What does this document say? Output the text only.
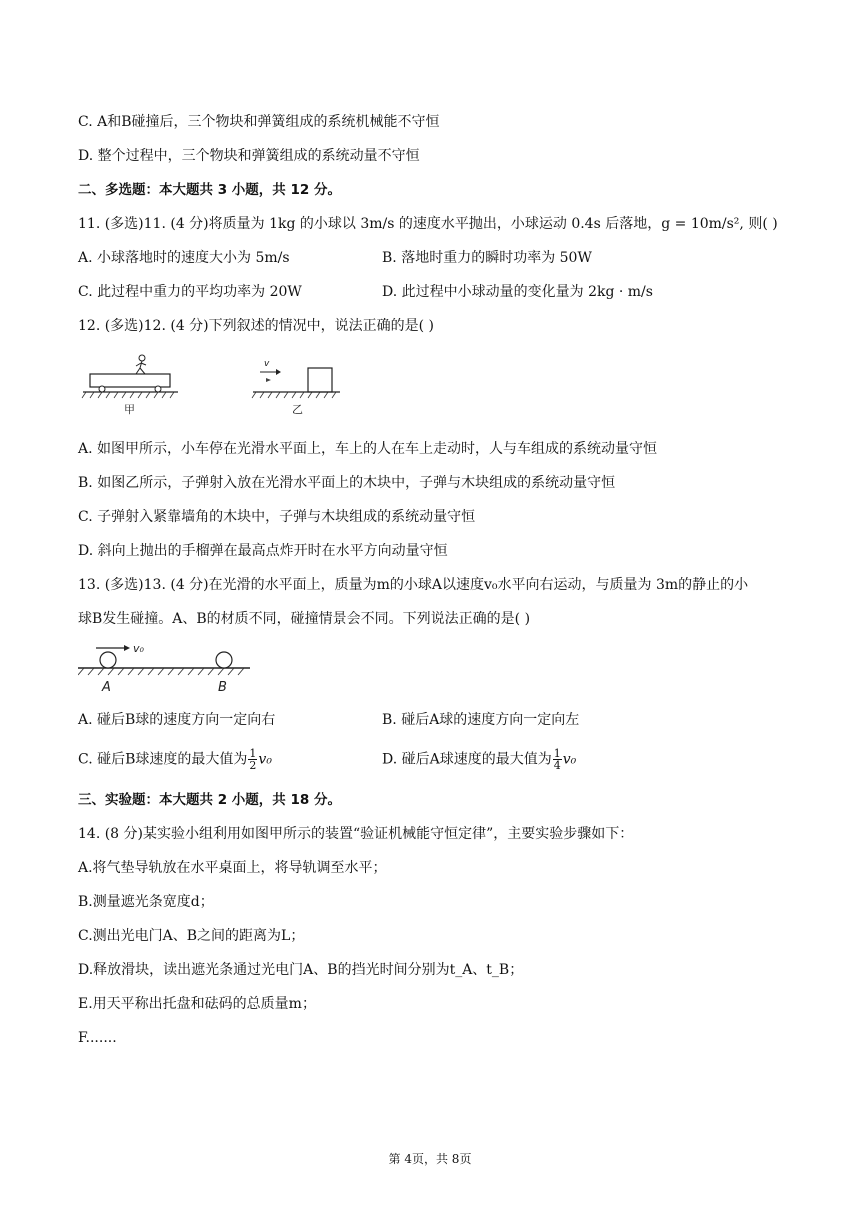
C. A和B碰撞后，三个物块和弹簧组成的系统机械能不守恒
D. 整个过程中，三个物块和弹簧组成的系统动量不守恒
二、多选题：本大题共 3 小题，共 12 分。
11. (多选)11. (4 分)将质量为 1kg 的小球以 3m/s 的速度水平抛出，小球运动 0.4s 后落地，g = 10m/s², 则( )
A. 小球落地时的速度大小为 5m/s	B. 落地时重力的瞬时功率为 50W
C. 此过程中重力的平均功率为 20W	D. 此过程中小球动量的变化量为 2kg · m/s
12. (多选)12. (4 分)下列叙述的情况中，说法正确的是( )
甲
v
乙
A. 如图甲所示，小车停在光滑水平面上，车上的人在车上走动时，人与车组成的系统动量守恒
B. 如图乙所示，子弹射入放在光滑水平面上的木块中，子弹与木块组成的系统动量守恒
C. 子弹射入紧靠墙角的木块中，子弹与木块组成的系统动量守恒
D. 斜向上抛出的手榴弹在最高点炸开时在水平方向动量守恒
13. (多选)13. (4 分)在光滑的水平面上，质量为m的小球A以速度v₀水平向右运动，与质量为 3m的静止的小
球B发生碰撞。A、B的材质不同，碰撞情景会不同。下列说法正确的是( )
v₀
A	B
A. 碰后B球的速度方向一定向右	B. 碰后A球的速度方向一定向左
C. 碰后B球速度的最大值为 $\frac{1}{2} v_0$	D. 碰后A球速度的最大值为 $\frac{1}{4} v_0$
三、实验题：本大题共 2 小题，共 18 分。
14. (8 分)某实验小组利用如图甲所示的装置“验证机械能守恒定律”，主要实验步骤如下：
A.将气垫导轨放在水平桌面上，将导轨调至水平；
B.测量遮光条宽度d；
C.测出光电门A、B之间的距离为L；
D.释放滑块，读出遮光条通过光电门A、B的挡光时间分别为t_A、t_B；
E.用天平称出托盘和砝码的总质量m；
F.......
第 4页，共 8页
